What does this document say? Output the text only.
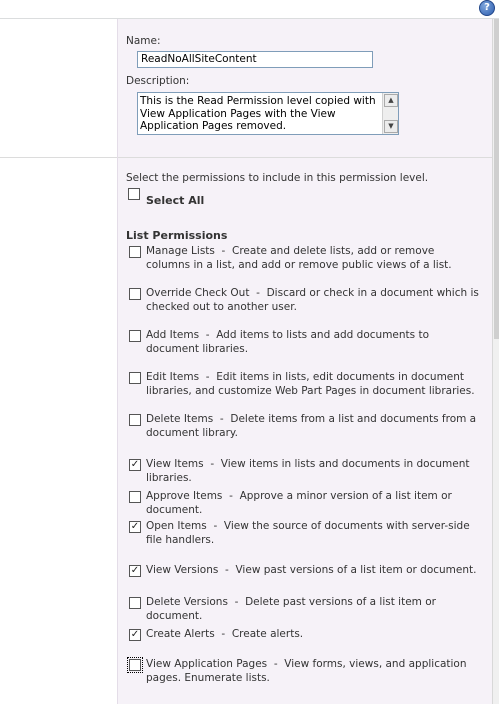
?
Name:
ReadNoAllSiteContent
Description:
This is the Read Permission level copied with View Application Pages with the View Application Pages removed.
▲
▼
Select the permissions to include in this permission level.
Select All
List Permissions
Manage Lists  -  Create and delete lists, add or remove columns in a list, and add or remove public views of a list.
Override Check Out  -  Discard or check in a document which is checked out to another user.
Add Items  -  Add items to lists and add documents to document libraries.
Edit Items  -  Edit items in lists, edit documents in document libraries, and customize Web Part Pages in document libraries.
Delete Items  -  Delete items from a list and documents from a document library.
✓ View Items  -  View items in lists and documents in document libraries.
Approve Items  -  Approve a minor version of a list item or document.
✓ Open Items  -  View the source of documents with server-side file handlers.
✓ View Versions  -  View past versions of a list item or document.
Delete Versions  -  Delete past versions of a list item or document.
✓ Create Alerts  -  Create alerts.
View Application Pages  -  View forms, views, and application pages. Enumerate lists.
